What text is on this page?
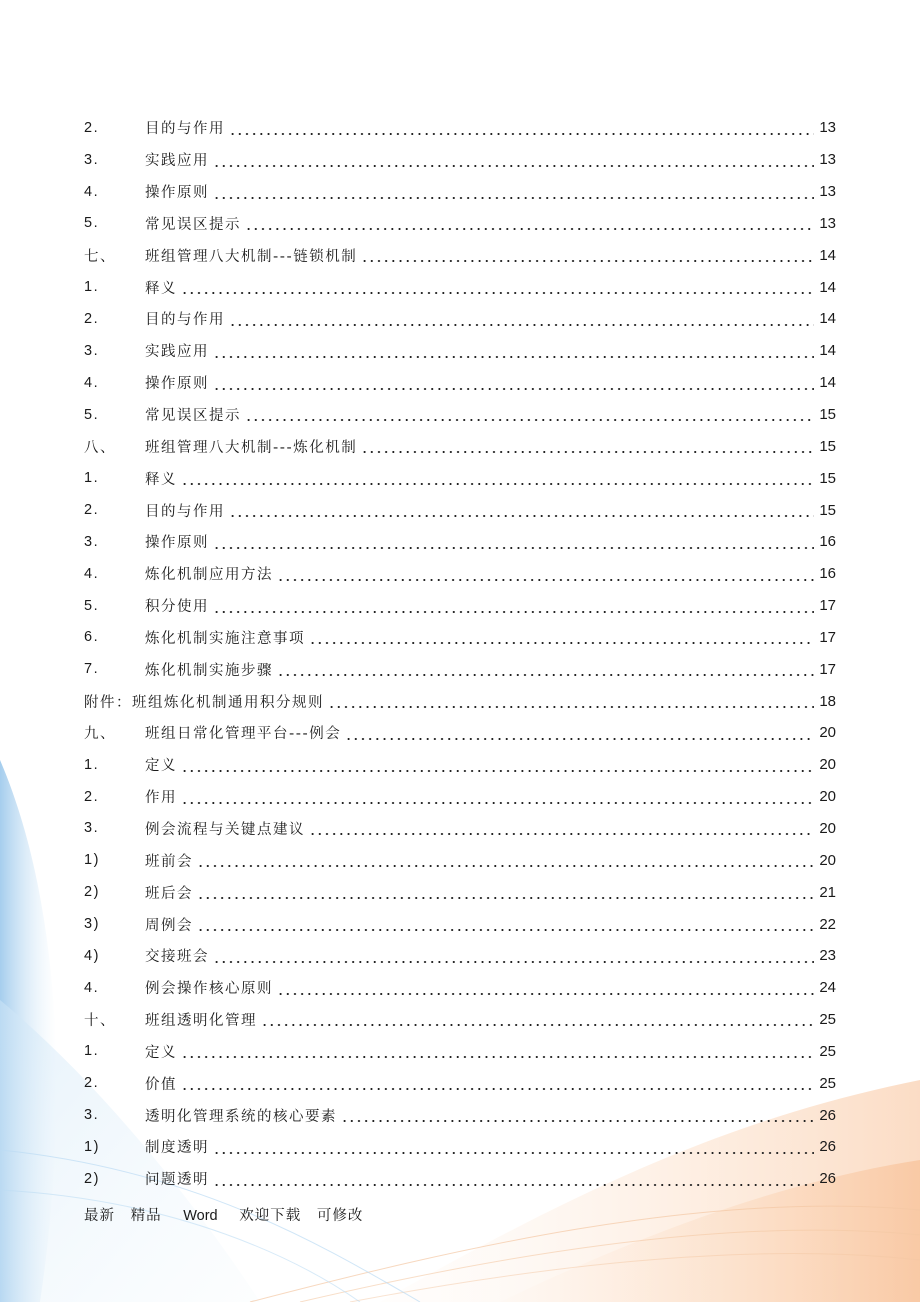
2.	目的与作用	13
3.	实践应用	13
4.	操作原则	13
5.	常见误区提示	13
七、	班组管理八大机制---链锁机制	14
1.	释义	14
2.	目的与作用	14
3.	实践应用	14
4.	操作原则	14
5.	常见误区提示	15
八、	班组管理八大机制---炼化机制	15
1.	释义	15
2.	目的与作用	15
3.	操作原则	16
4.	炼化机制应用方法	16
5.	积分使用	17
6.	炼化机制实施注意事项	17
7.	炼化机制实施步骤	17
附件：班组炼化机制通用积分规则	18
九、	班组日常化管理平台---例会	20
1.	定义	20
2.	作用	20
3.	例会流程与关键点建议	20
1)	班前会	20
2)	班后会	21
3)	周例会	22
4)	交接班会	23
4.	例会操作核心原则	24
十、	班组透明化管理	25
1.	定义	25
2.	价值	25
3.	透明化管理系统的核心要素	26
1)	制度透明	26
2)	问题透明	26
最新 精品 Word 欢迎下载 可修改
